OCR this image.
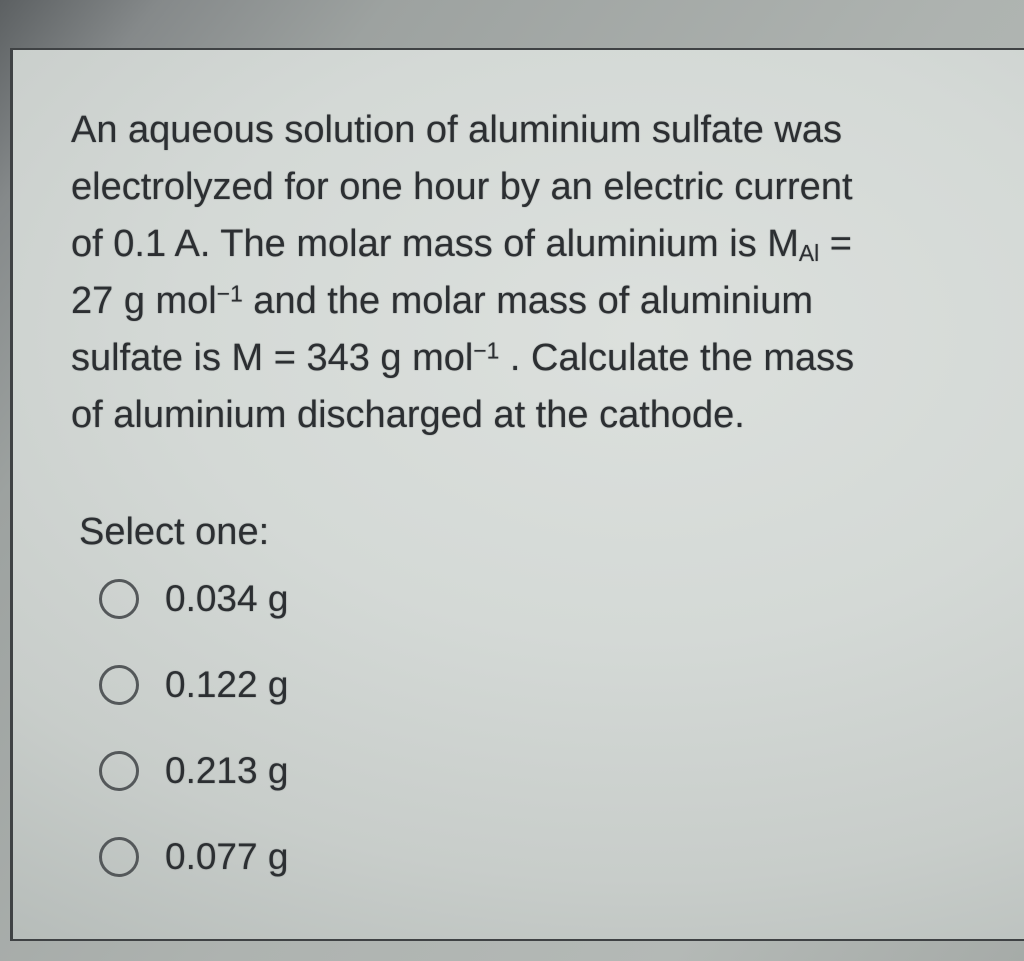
An aqueous solution of aluminium sulfate was
electrolyzed for one hour by an electric current
of 0.1 A. The molar mass of aluminium is $M_{Al}$ =
27 g mol$^{-1}$ and the molar mass of aluminium
sulfate is M = 343 g mol$^{-1}$ . Calculate the mass
of aluminium discharged at the cathode.

Select one:
0.034 g
0.122 g
0.213 g
0.077 g
